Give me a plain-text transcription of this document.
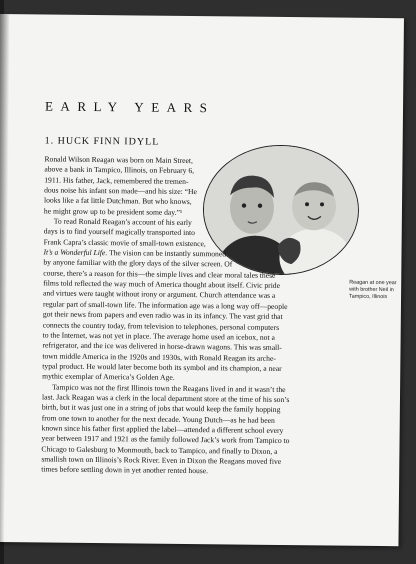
EARLY YEARS
1. HUCK FINN IDYLL
Reagan at one year
with brother Neil in
Tampico, Illinois

Ronald Wilson Reagan was born on Main Street,
above a bank in Tampico, Illinois, on February 6,
1911. His father, Jack, remembered the tremen-
dous noise his infant son made—and his size: “He
looks like a fat little Dutchman. But who knows,
he might grow up to be president some day.”¹

To read Ronald Reagan’s account of his early
days is to find yourself magically transported into
Frank Capra’s classic movie of small-town existence,
It’s a Wonderful Life. The vision can be instantly summoned
by anyone familiar with the glory days of the silver screen. Of
course, there’s a reason for this—the simple lives and clear moral tales these
films told reflected the way much of America thought about itself. Civic pride
and virtues were taught without irony or argument. Church attendance was a
regular part of small-town life. The information age was a long way off—people
got their news from papers and even radio was in its infancy. The vast grid that
connects the country today, from television to telephones, personal computers
to the Internet, was not yet in place. The average home used an icebox, not a
refrigerator, and the ice was delivered in horse-drawn wagons. This was small-
town middle America in the 1920s and 1930s, with Ronald Reagan its arche-
typal product. He would later become both its symbol and its champion, a near
mythic exemplar of America’s Golden Age.

Tampico was not the first Illinois town the Reagans lived in and it wasn’t the
last. Jack Reagan was a clerk in the local department store at the time of his son’s
birth, but it was just one in a string of jobs that would keep the family hopping
from one town to another for the next decade. Young Dutch—as he had been
known since his father first applied the label—attended a different school every
year between 1917 and 1921 as the family followed Jack’s work from Tampico to
Chicago to Galesburg to Monmouth, back to Tampico, and finally to Dixon, a
smallish town on Illinois’s Rock River. Even in Dixon the Reagans moved five
times before settling down in yet another rented house.
